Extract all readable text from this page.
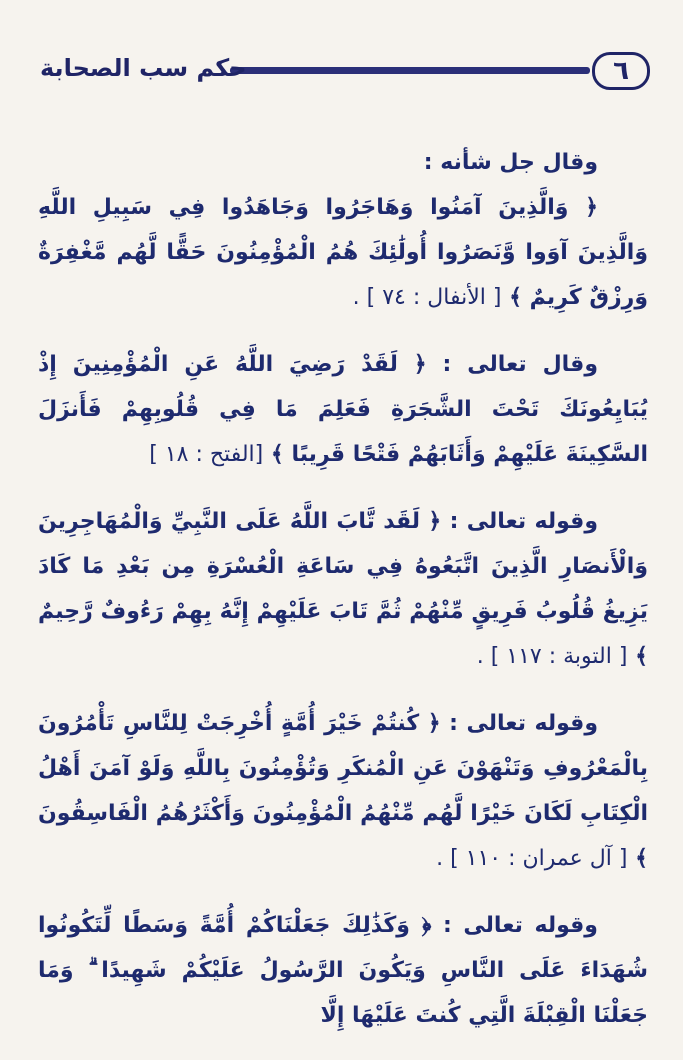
٦
حكم سب الصحابة

وقال جل شأنه :

﴿ وَالَّذِينَ آمَنُوا وَهَاجَرُوا وَجَاهَدُوا فِي سَبِيلِ اللَّهِ وَالَّذِينَ آوَوا وَّنَصَرُوا أُولَٰئِكَ هُمُ الْمُؤْمِنُونَ حَقًّا لَّهُم مَّغْفِرَةٌ وَرِزْقٌ كَرِيمٌ ﴾ [ الأنفال : ٧٤ ] .

وقال تعالى : ﴿ لَقَدْ رَضِيَ اللَّهُ عَنِ الْمُؤْمِنِينَ إِذْ يُبَايِعُونَكَ تَحْتَ الشَّجَرَةِ فَعَلِمَ مَا فِي قُلُوبِهِمْ فَأَنزَلَ السَّكِينَةَ عَلَيْهِمْ وَأَثَابَهُمْ فَتْحًا قَرِيبًا ﴾ [الفتح : ١٨ ]

وقوله تعالى : ﴿ لَقَد تَّابَ اللَّهُ عَلَى النَّبِيِّ وَالْمُهَاجِرِينَ وَالْأَنصَارِ الَّذِينَ اتَّبَعُوهُ فِي سَاعَةِ الْعُسْرَةِ مِن بَعْدِ مَا كَادَ يَزِيغُ قُلُوبُ فَرِيقٍ مِّنْهُمْ ثُمَّ تَابَ عَلَيْهِمْ إِنَّهُ بِهِمْ رَءُوفٌ رَّحِيمٌ ﴾ [ التوبة : ١١٧ ] .

وقوله تعالى : ﴿ كُنتُمْ خَيْرَ أُمَّةٍ أُخْرِجَتْ لِلنَّاسِ تَأْمُرُونَ بِالْمَعْرُوفِ وَتَنْهَوْنَ عَنِ الْمُنكَرِ وَتُؤْمِنُونَ بِاللَّهِ وَلَوْ آمَنَ أَهْلُ الْكِتَابِ لَكَانَ خَيْرًا لَّهُم مِّنْهُمُ الْمُؤْمِنُونَ وَأَكْثَرُهُمُ الْفَاسِقُونَ ﴾ [ آل عمران : ١١٠ ] .

وقوله تعالى : ﴿ وَكَذَٰلِكَ جَعَلْنَاكُمْ أُمَّةً وَسَطًا لِّتَكُونُوا شُهَدَاءَ عَلَى النَّاسِ وَيَكُونَ الرَّسُولُ عَلَيْكُمْ شَهِيدًا ۗ وَمَا جَعَلْنَا الْقِبْلَةَ الَّتِي كُنتَ عَلَيْهَا إِلَّا
